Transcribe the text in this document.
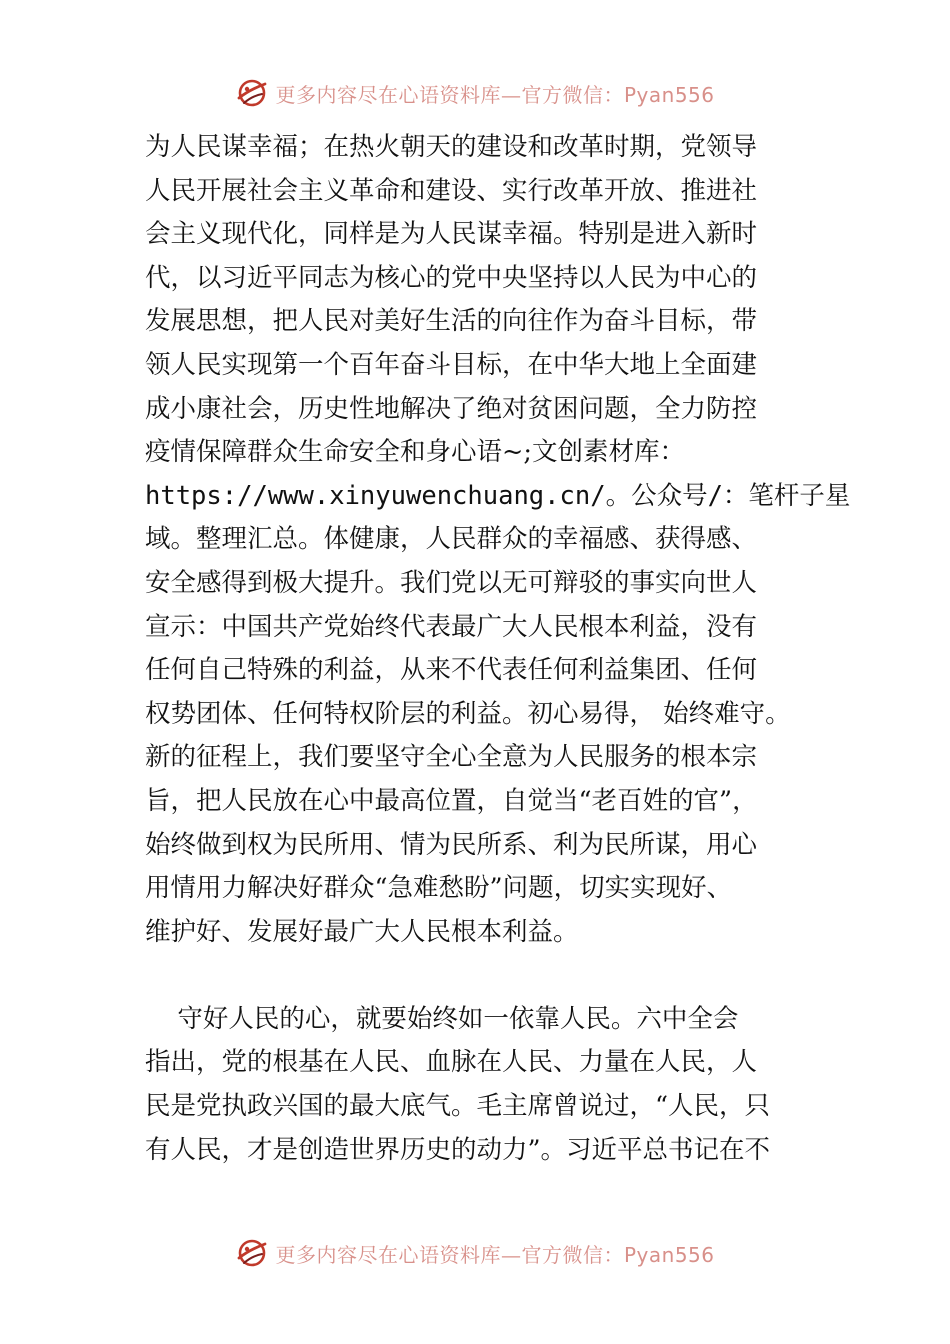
更多内容尽在心语资料库—官方微信：Pyan556
为人民谋幸福；在热火朝天的建设和改革时期，党领导
人民开展社会主义革命和建设、实行改革开放、推进社
会主义现代化，同样是为人民谋幸福。特别是进入新时
代，以习近平同志为核心的党中央坚持以人民为中心的
发展思想，把人民对美好生活的向往作为奋斗目标，带
领人民实现第一个百年奋斗目标，在中华大地上全面建
成小康社会，历史性地解决了绝对贫困问题，全力防控
疫情保障群众生命安全和身心语~;文创素材库：
https://www.xinyuwenchuang.cn/。公众号/：笔杆子星
域。整理汇总。体健康，人民群众的幸福感、获得感、
安全感得到极大提升。我们党以无可辩驳的事实向世人
宣示：中国共产党始终代表最广大人民根本利益，没有
任何自己特殊的利益，从来不代表任何利益集团、任何
权势团体、任何特权阶层的利益。初心易得， 始终难守。
新的征程上，我们要坚守全心全意为人民服务的根本宗
旨，把人民放在心中最高位置，自觉当“老百姓的官”，
始终做到权为民所用、情为民所系、利为民所谋，用心
用情用力解决好群众“急难愁盼”问题，切实实现好、
维护好、发展好最广大人民根本利益。
守好人民的心，就要始终如一依靠人民。六中全会
指出，党的根基在人民、血脉在人民、力量在人民，人
民是党执政兴国的最大底气。毛主席曾说过，“人民，只
有人民，才是创造世界历史的动力”。习近平总书记在不
更多内容尽在心语资料库—官方微信：Pyan556
